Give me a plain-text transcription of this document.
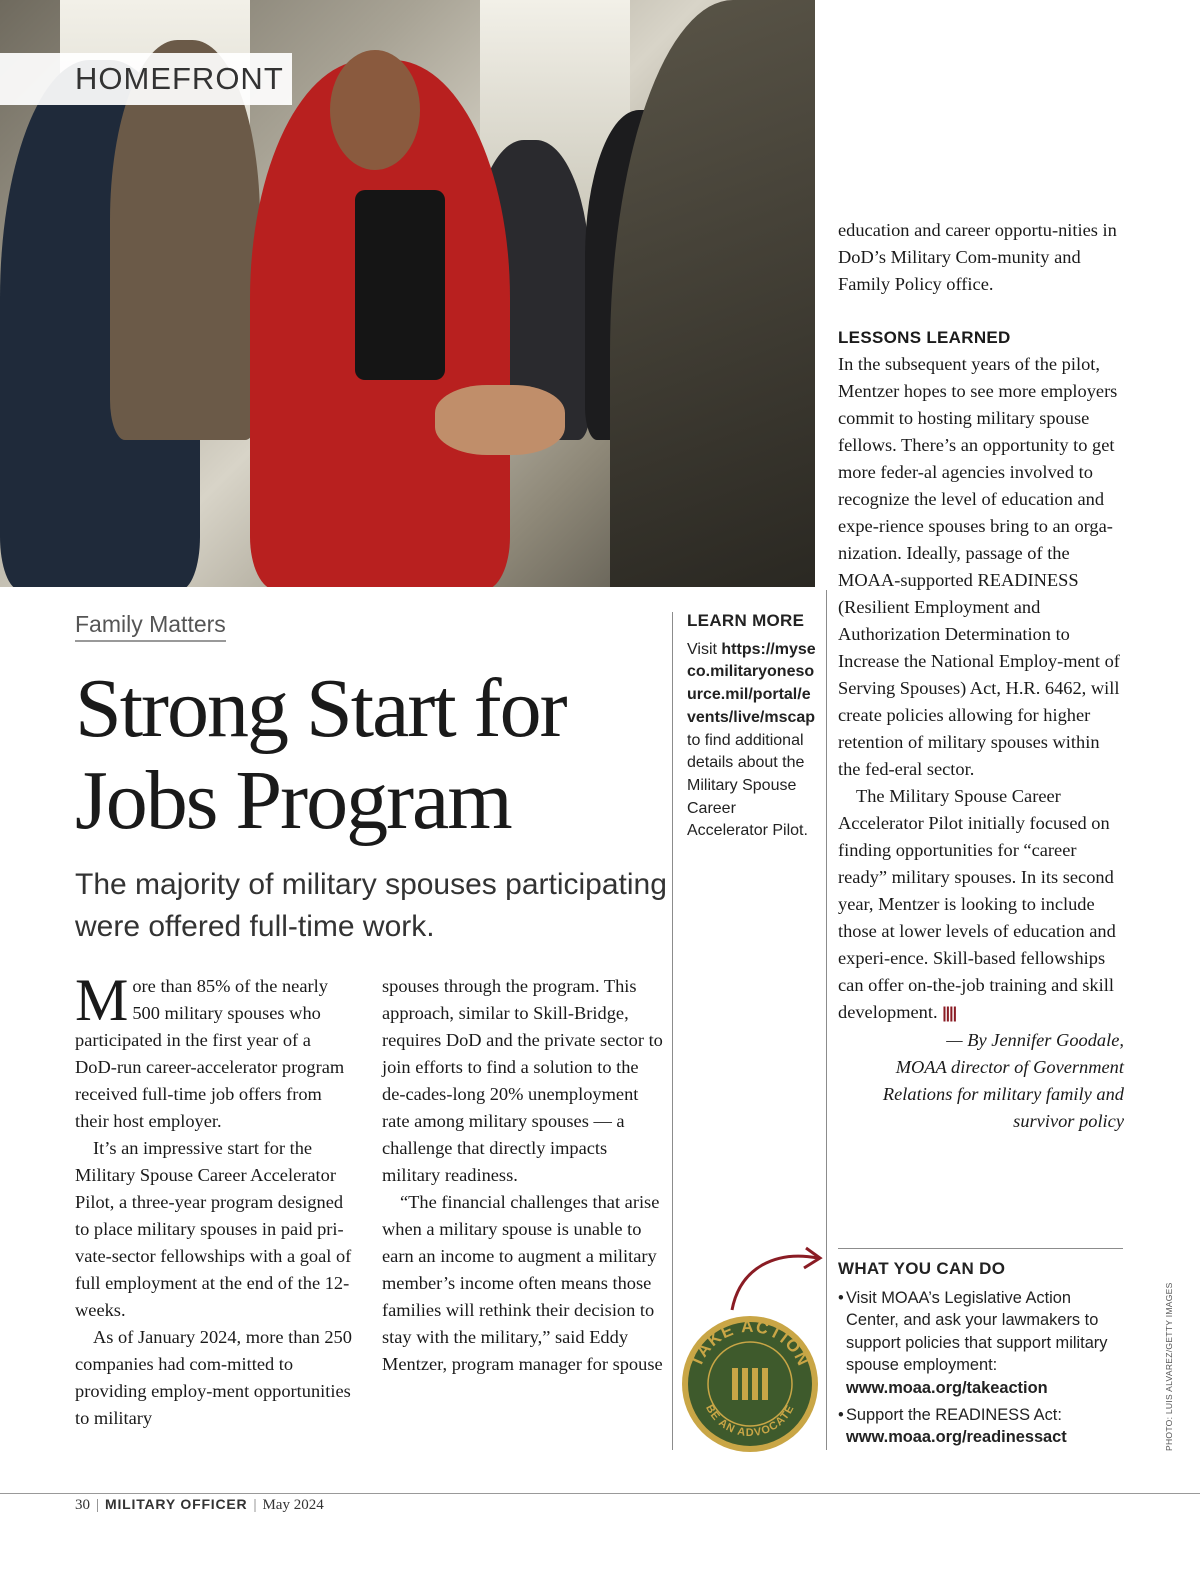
HOMEFRONT
Family Matters
Strong Start for Jobs Program
The majority of military spouses participating were offered full-time work.

More than 85% of the nearly 500 military spouses who participated in the first year of a DoD-run career-accelerator program received full-time job offers from their host employer.

It’s an impressive start for the Military Spouse Career Accelerator Pilot, a three-year program designed to place military spouses in paid pri-vate-sector fellowships with a goal of full employment at the end of the 12-weeks.

As of January 2024, more than 250 companies had com-mitted to providing employ-ment opportunities to military

spouses through the program. This approach, similar to Skill-Bridge, requires DoD and the private sector to join efforts to find a solution to the de-cades-long 20% unemployment rate among military spouses — a challenge that directly impacts military readiness.

“The financial challenges that arise when a military spouse is unable to earn an income to augment a military member’s income often means those families will rethink their decision to stay with the military,” said Eddy Mentzer, program manager for spouse

education and career opportu-nities in DoD’s Military Com-munity and Family Policy office.

LESSONS LEARNED

In the subsequent years of the pilot, Mentzer hopes to see more employers commit to hosting military spouse fellows. There’s an opportunity to get more feder-al agencies involved to recognize the level of education and expe-rience spouses bring to an orga-nization. Ideally, passage of the MOAA-supported READINESS (Resilient Employment and Authorization Determination to Increase the National Employ-ment of Serving Spouses) Act, H.R. 6462, will create policies allowing for higher retention of military spouses within the fed-eral sector.

The Military Spouse Career Accelerator Pilot initially focused on finding opportunities for “career ready” military spouses. In its second year, Mentzer is looking to include those at lower levels of education and experi-ence. Skill-based fellowships can offer on-the-job training and skill development. ||||

— By Jennifer Goodale,
MOAA director of Government Relations for military family and survivor policy

LEARN MORE
Visit https://myseco.militaryonesource.mil/portal/events/live/mscap to find additional details about the Military Spouse Career Accelerator Pilot.
TAKE ACTION
BE AN ADVOCATE
WHAT YOU CAN DO
• Visit MOAA’s Legislative Action Center, and ask your lawmakers to support policies that support military spouse employment:
www.moaa.org/takeaction
• Support the READINESS Act:
www.moaa.org/readinessact	PHOTO: LUIS ALVAREZ/GETTY IMAGES
30 | MILITARY OFFICER | May 2024
